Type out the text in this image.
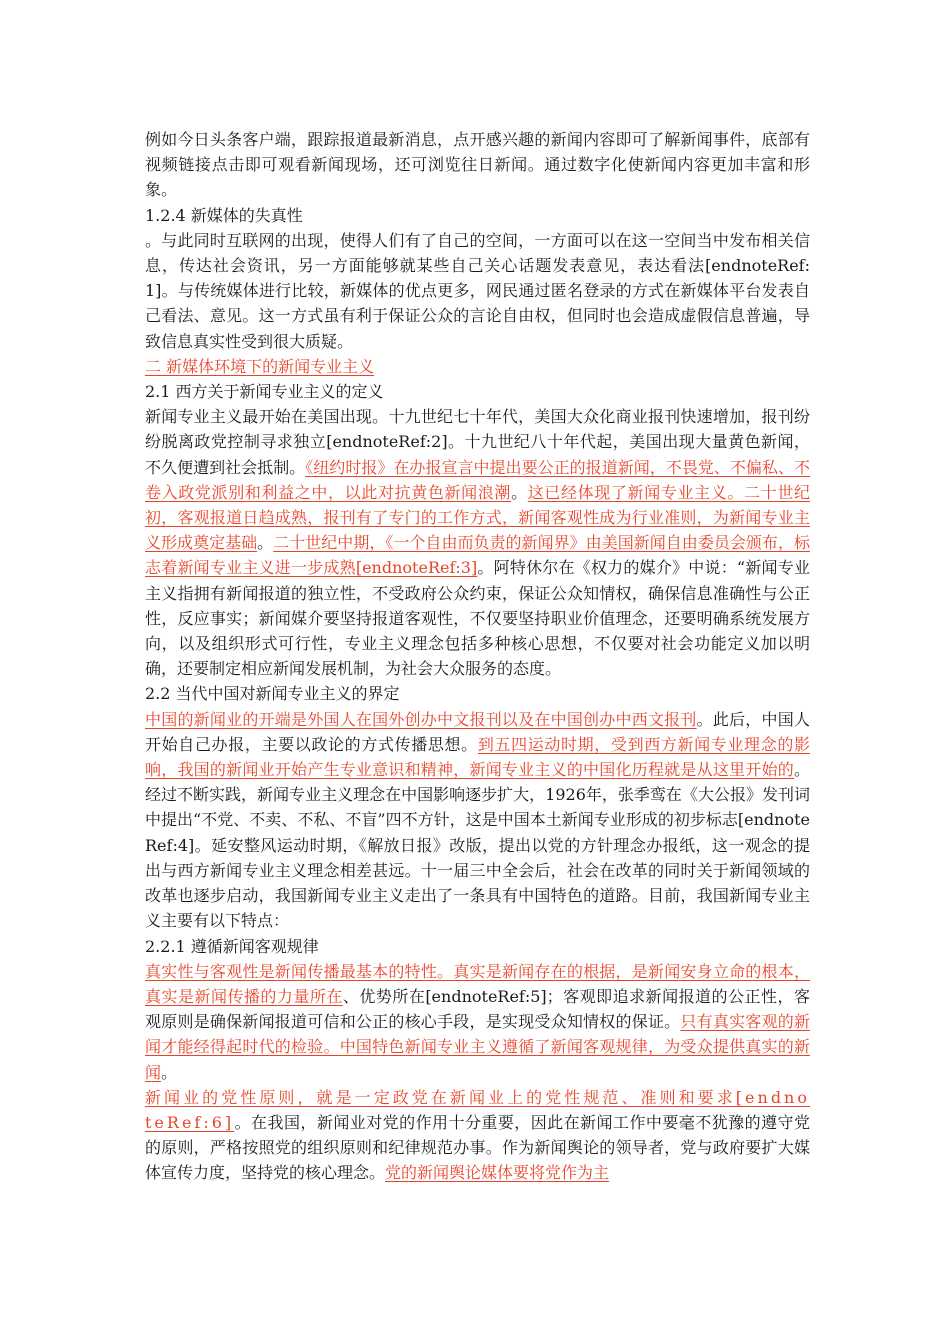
例如今日头条客户端，跟踪报道最新消息，点开感兴趣的新闻内容即可了解新闻事件，底部有视频链接点击即可观看新闻现场，还可浏览往日新闻。通过数字化使新闻内容更加丰富和形象。

1.2.4 新媒体的失真性

。与此同时互联网的出现，使得人们有了自己的空间，一方面可以在这一空间当中发布相关信息，传达社会资讯，另一方面能够就某些自己关心话题发表意见，表达看法[endnoteRef:1]。与传统媒体进行比较，新媒体的优点更多，网民通过匿名登录的方式在新媒体平台发表自己看法、意见。这一方式虽有利于保证公众的言论自由权，但同时也会造成虚假信息普遍，导致信息真实性受到很大质疑。

二 新媒体环境下的新闻专业主义

2.1 西方关于新闻专业主义的定义

新闻专业主义最开始在美国出现。十九世纪七十年代，美国大众化商业报刊快速增加，报刊纷纷脱离政党控制寻求独立[endnoteRef:2]。十九世纪八十年代起，美国出现大量黄色新闻，不久便遭到社会抵制。《纽约时报》在办报宣言中提出要公正的报道新闻，不畏党、不偏私、不卷入政党派别和利益之中，以此对抗黄色新闻浪潮。这已经体现了新闻专业主义。二十世纪初，客观报道日趋成熟，报刊有了专门的工作方式，新闻客观性成为行业准则，为新闻专业主义形成奠定基础。二十世纪中期，《一个自由而负责的新闻界》由美国新闻自由委员会颁布，标志着新闻专业主义进一步成熟[endnoteRef:3]。阿特休尔在《权力的媒介》中说：“新闻专业主义指拥有新闻报道的独立性，不受政府公众约束，保证公众知情权，确保信息准确性与公正性，反应事实；新闻媒介要坚持报道客观性，不仅要坚持职业价值理念，还要明确系统发展方向，以及组织形式可行性，专业主义理念包括多种核心思想，不仅要对社会功能定义加以明确，还要制定相应新闻发展机制，为社会大众服务的态度。

2.2 当代中国对新闻专业主义的界定

中国的新闻业的开端是外国人在国外创办中文报刊以及在中国创办中西文报刊。此后，中国人开始自己办报，主要以政论的方式传播思想。到五四运动时期，受到西方新闻专业理念的影响，我国的新闻业开始产生专业意识和精神，新闻专业主义的中国化历程就是从这里开始的。经过不断实践，新闻专业主义理念在中国影响逐步扩大，1926年，张季鸾在《大公报》发刊词中提出“不党、不卖、不私、不盲”四不方针，这是中国本土新闻专业形成的初步标志[endnoteRef:4]。延安整风运动时期，《解放日报》改版，提出以党的方针理念办报纸，这一观念的提出与西方新闻专业主义理念相差甚远。十一届三中全会后，社会在改革的同时关于新闻领域的改革也逐步启动，我国新闻专业主义走出了一条具有中国特色的道路。目前，我国新闻专业主义主要有以下特点：

2.2.1 遵循新闻客观规律

真实性与客观性是新闻传播最基本的特性。真实是新闻存在的根据，是新闻安身立命的根本，真实是新闻传播的力量所在、优势所在[endnoteRef:5]；客观即追求新闻报道的公正性，客观原则是确保新闻报道可信和公正的核心手段，是实现受众知情权的保证。只有真实客观的新闻才能经得起时代的检验。中国特色新闻专业主义遵循了新闻客观规律，为受众提供真实的新闻。

新闻业的党性原则，就是一定政党在新闻业上的党性规范、准则和要求[endnoteRef:6]。在我国，新闻业对党的作用十分重要，因此在新闻工作中要毫不犹豫的遵守党的原则，严格按照党的组织原则和纪律规范办事。作为新闻舆论的领导者，党与政府要扩大媒体宣传力度，坚持党的核心理念。党的新闻舆论媒体要将党作为主
